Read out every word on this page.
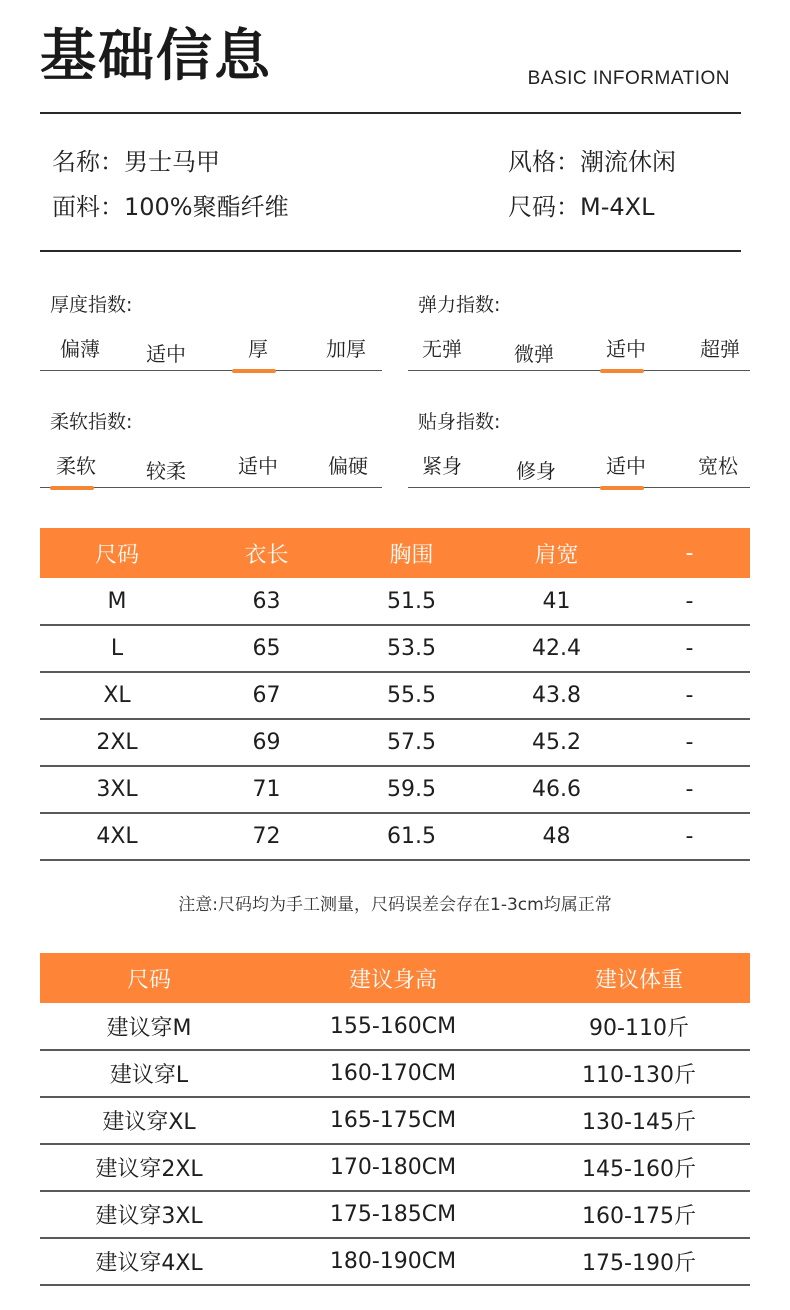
基础信息	BASIC INFORMATION
名称：男士马甲	风格：潮流休闲
面料：100%聚酯纤维	尺码：M-4XL
厚度指数:
偏薄	适中	厚	加厚
弹力指数:
无弹	微弹	适中	超弹
柔软指数:
柔软	较柔	适中	偏硬
贴身指数:
紧身	修身	适中	宽松
尺码	衣长	胸围	肩宽	-
M	63	51.5	41	-
L	65	53.5	42.4	-
XL	67	55.5	43.8	-
2XL	69	57.5	45.2	-
3XL	71	59.5	46.6	-
4XL	72	61.5	48	-
注意:尺码均为手工测量，尺码误差会存在1-3cm均属正常
尺码	建议身高	建议体重
建议穿M	155-160CM	90-110斤
建议穿L	160-170CM	110-130斤
建议穿XL	165-175CM	130-145斤
建议穿2XL	170-180CM	145-160斤
建议穿3XL	175-185CM	160-175斤
建议穿4XL	180-190CM	175-190斤
